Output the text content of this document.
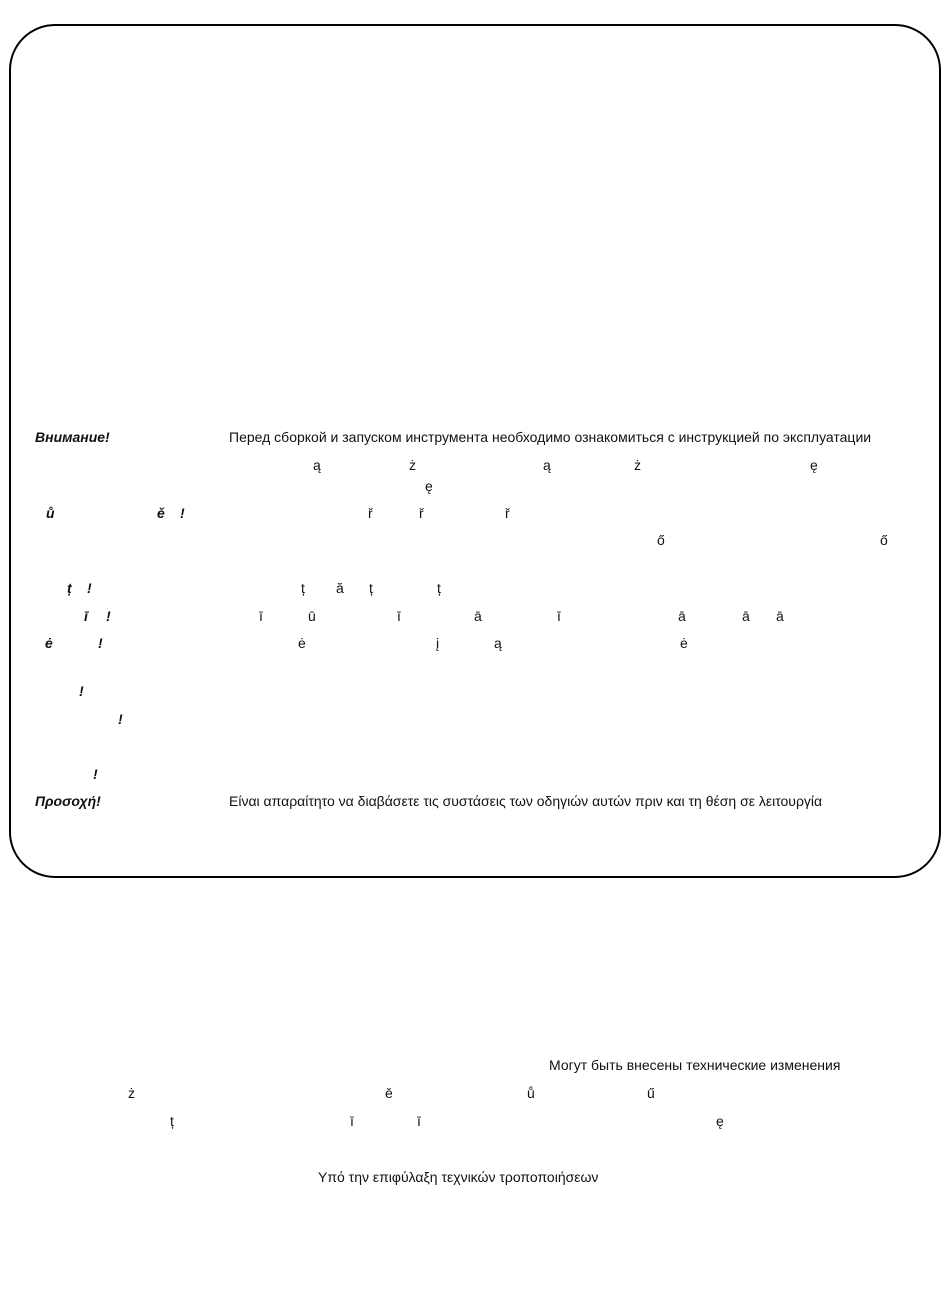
Внимание!	Перед сборкой и запуском инструмента необходимо ознакомиться с инструкцией по эксплуатации
ą	ż	ą	ż	ę
ę
ů	ě !	ř	ř	ř
ő	ő
ț !	ț ă ț	ț
ī !	ī	ū	ī	ā	ī	ā	ā ā
ė	!	ė	į	ą	ė
!
!
!
Προσοχή!	Είναι απαραίτητο να διαβάσετε τις συστάσεις των οδηγιών αυτών πριν και τη θέση σε λειτουργία
Могут быть внесены технические изменения
ż	ě	ů	ű
ț	ī	ī	ę
Υπό την επιφύλαξη τεχνικών τροποποιήσεων
